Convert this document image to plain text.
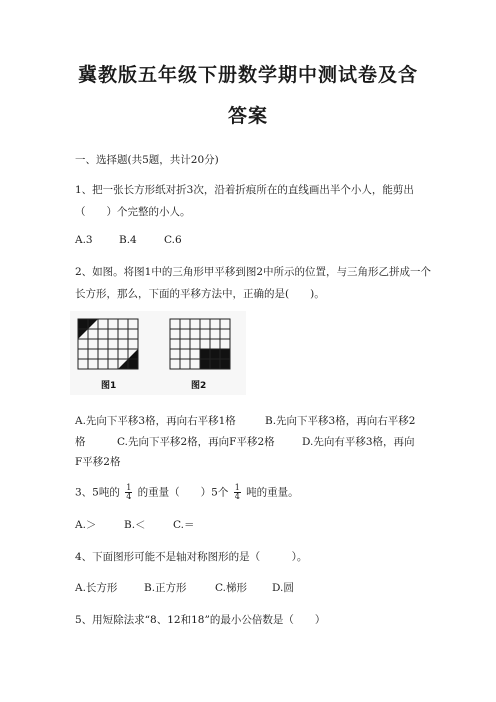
冀教版五年级下册数学期中测试卷及含
答案
一、选择题(共5题，共计20分)
1、把一张长方形纸对折3次，沿着折痕所在的直线画出半个小人，能剪出
（　　）个完整的小人。
A.3	B.4	C.6
2、如图。将图1中的三角形甲平移到图2中所示的位置，与三角形乙拼成一个
长方形，那么，下面的平移方法中，正确的是(　　)。
图1	图2
A.先向下平移3格，再向右平移1格	B.先向下平移3格，再向右平移2
格	C.先向下平移2格，再向F平移2格	D.先向有平移3格，再向
F平移2格
3、5吨的 $\frac{1}{4}$ 的重量（　　）5个 $\frac{1}{4}$ 吨的重量。
A.＞	B.＜	C.＝
4、下面图形可能不是轴对称图形的是（　　　）。
A.长方形	B.正方形	C.梯形 D.圆
5、用短除法求“8、12和18”的最小公倍数是（　　）
